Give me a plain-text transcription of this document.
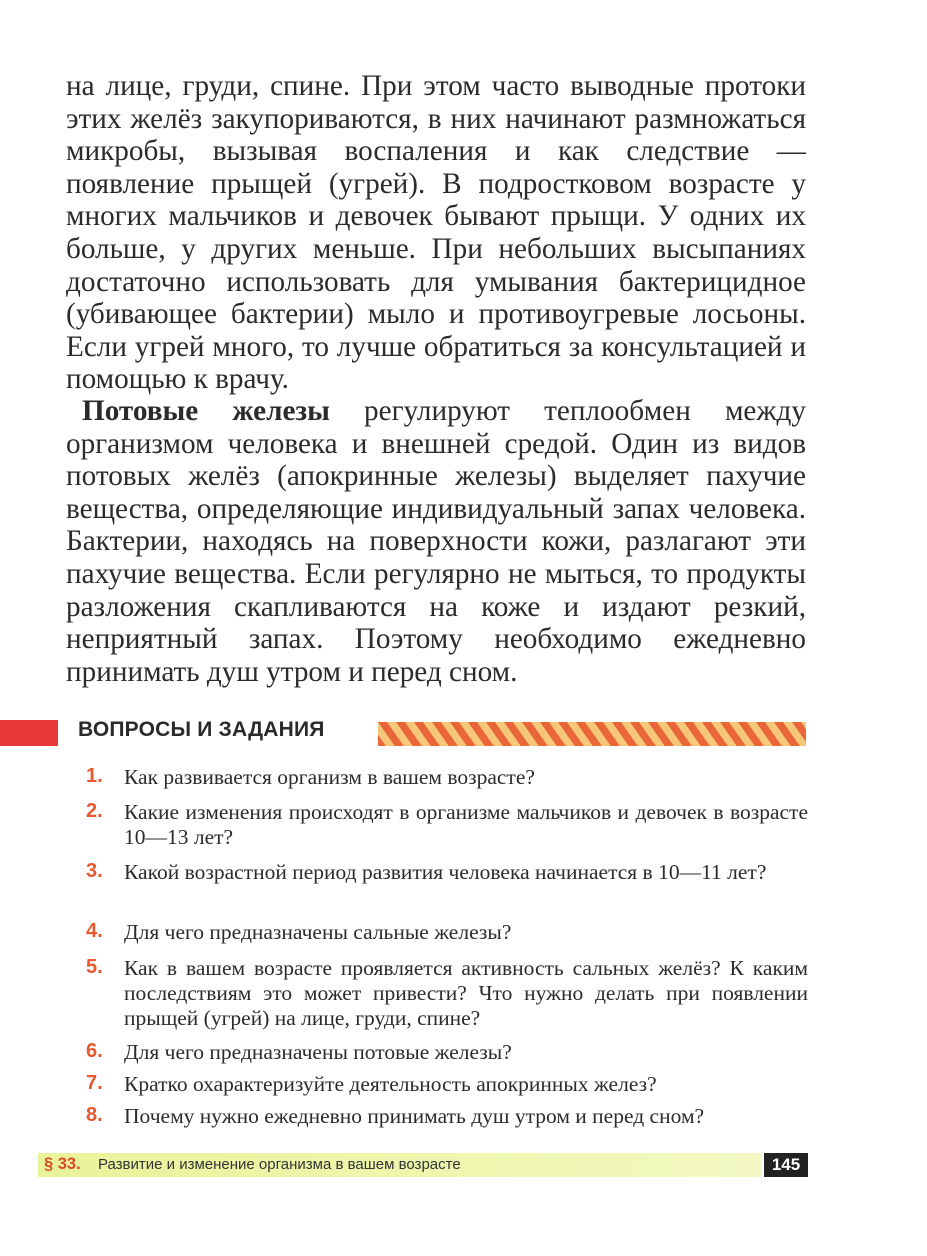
на лице, груди, спине. При этом часто выводные протоки этих желёз закупориваются, в них начинают размножаться микробы, вызывая воспаления и как следствие — появление прыщей (угрей). В подростковом возрасте у многих мальчиков и девочек бывают прыщи. У одних их больше, у других меньше. При небольших высыпаниях достаточно использовать для умывания бактерицидное (убивающее бактерии) мыло и противоугревые лосьоны. Если угрей много, то лучше обратиться за консультацией и помощью к врачу.

Потовые железы регулируют теплообмен между организмом человека и внешней средой. Один из видов потовых желёз (апокринные железы) выделяет пахучие вещества, определяющие индивидуальный запах человека. Бактерии, находясь на поверхности кожи, разлагают эти пахучие вещества. Если регулярно не мыться, то продукты разложения скапливаются на коже и издают резкий, неприятный запах. Поэтому необходимо ежедневно принимать душ утром и перед сном.

ВОПРОСЫ И ЗАДАНИЯ
1. Как развивается организм в вашем возрасте?
2. Какие изменения происходят в организме мальчиков и девочек в возрасте 10—13 лет?
3. Какой возрастной период развития человека начинается в 10—11 лет?
4. Для чего предназначены сальные железы?
5. Как в вашем возрасте проявляется активность сальных желёз? К каким последствиям это может привести? Что нужно делать при появлении прыщей (угрей) на лице, груди, спине?
6. Для чего предназначены потовые железы?
7. Кратко охарактеризуйте деятельность апокринных желез?
8. Почему нужно ежедневно принимать душ утром и перед сном?
§ 33. Развитие и изменение организма в вашем возрасте	145
